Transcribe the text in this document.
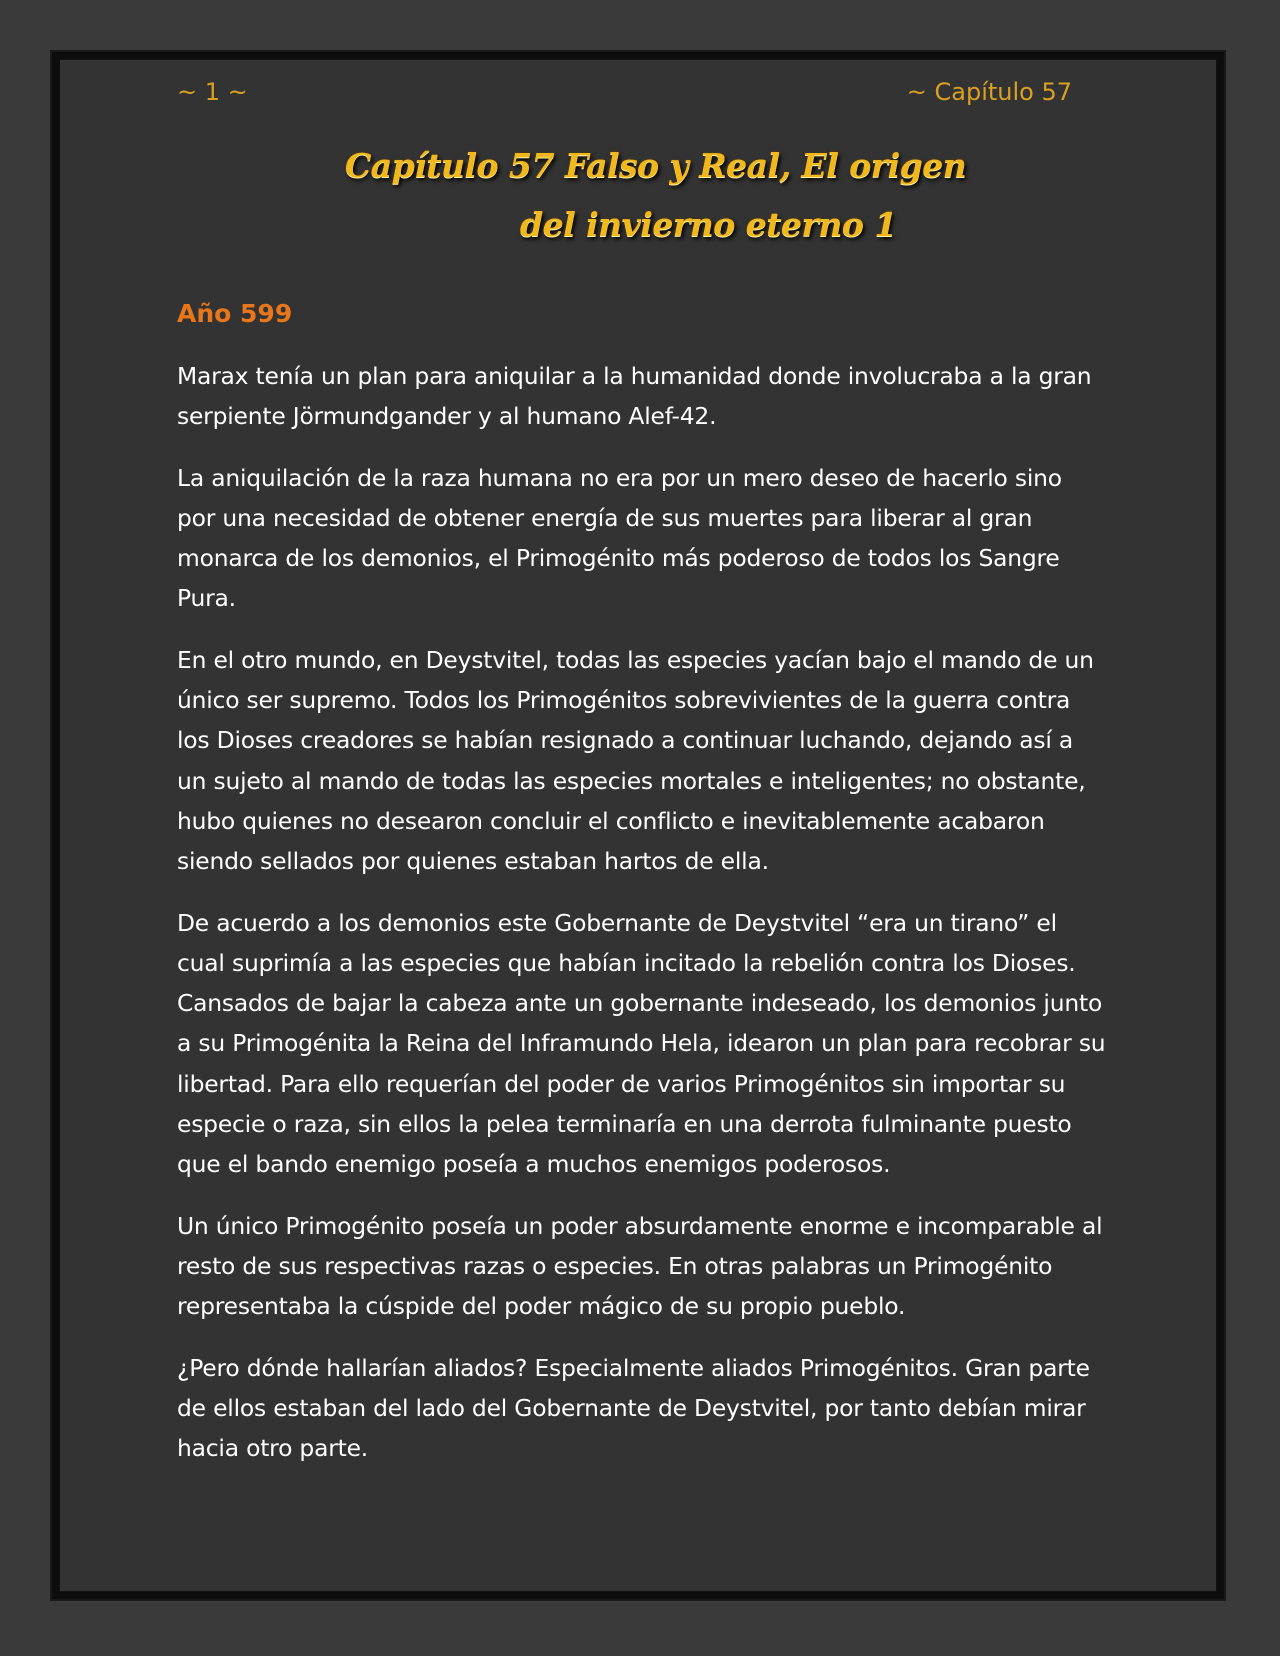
~ 1 ~	~ Capítulo 57
Capítulo 57 Falso y Real, El origen
del invierno eterno 1
Año 599

Marax tenía un plan para aniquilar a la humanidad donde involucraba a la gran serpiente Jörmundgander y al humano Alef-42.

La aniquilación de la raza humana no era por un mero deseo de hacerlo sino por una necesidad de obtener energía de sus muertes para liberar al gran monarca de los demonios, el Primogénito más poderoso de todos los Sangre Pura.

En el otro mundo, en Deystvitel, todas las especies yacían bajo el mando de un único ser supremo. Todos los Primogénitos sobrevivientes de la guerra contra los Dioses creadores se habían resignado a continuar luchando, dejando así a un sujeto al mando de todas las especies mortales e inteligentes; no obstante, hubo quienes no desearon concluir el conflicto e inevitablemente acabaron siendo sellados por quienes estaban hartos de ella.

De acuerdo a los demonios este Gobernante de Deystvitel “era un tirano” el cual suprimía a las especies que habían incitado la rebelión contra los Dioses. Cansados de bajar la cabeza ante un gobernante indeseado, los demonios junto a su Primogénita la Reina del Inframundo Hela, idearon un plan para recobrar su libertad. Para ello requerían del poder de varios Primogénitos sin importar su especie o raza, sin ellos la pelea terminaría en una derrota fulminante puesto que el bando enemigo poseía a muchos enemigos poderosos.

Un único Primogénito poseía un poder absurdamente enorme e incomparable al resto de sus respectivas razas o especies. En otras palabras un Primogénito representaba la cúspide del poder mágico de su propio pueblo.

¿Pero dónde hallarían aliados? Especialmente aliados Primogénitos. Gran parte de ellos estaban del lado del Gobernante de Deystvitel, por tanto debían mirar hacia otro parte.
